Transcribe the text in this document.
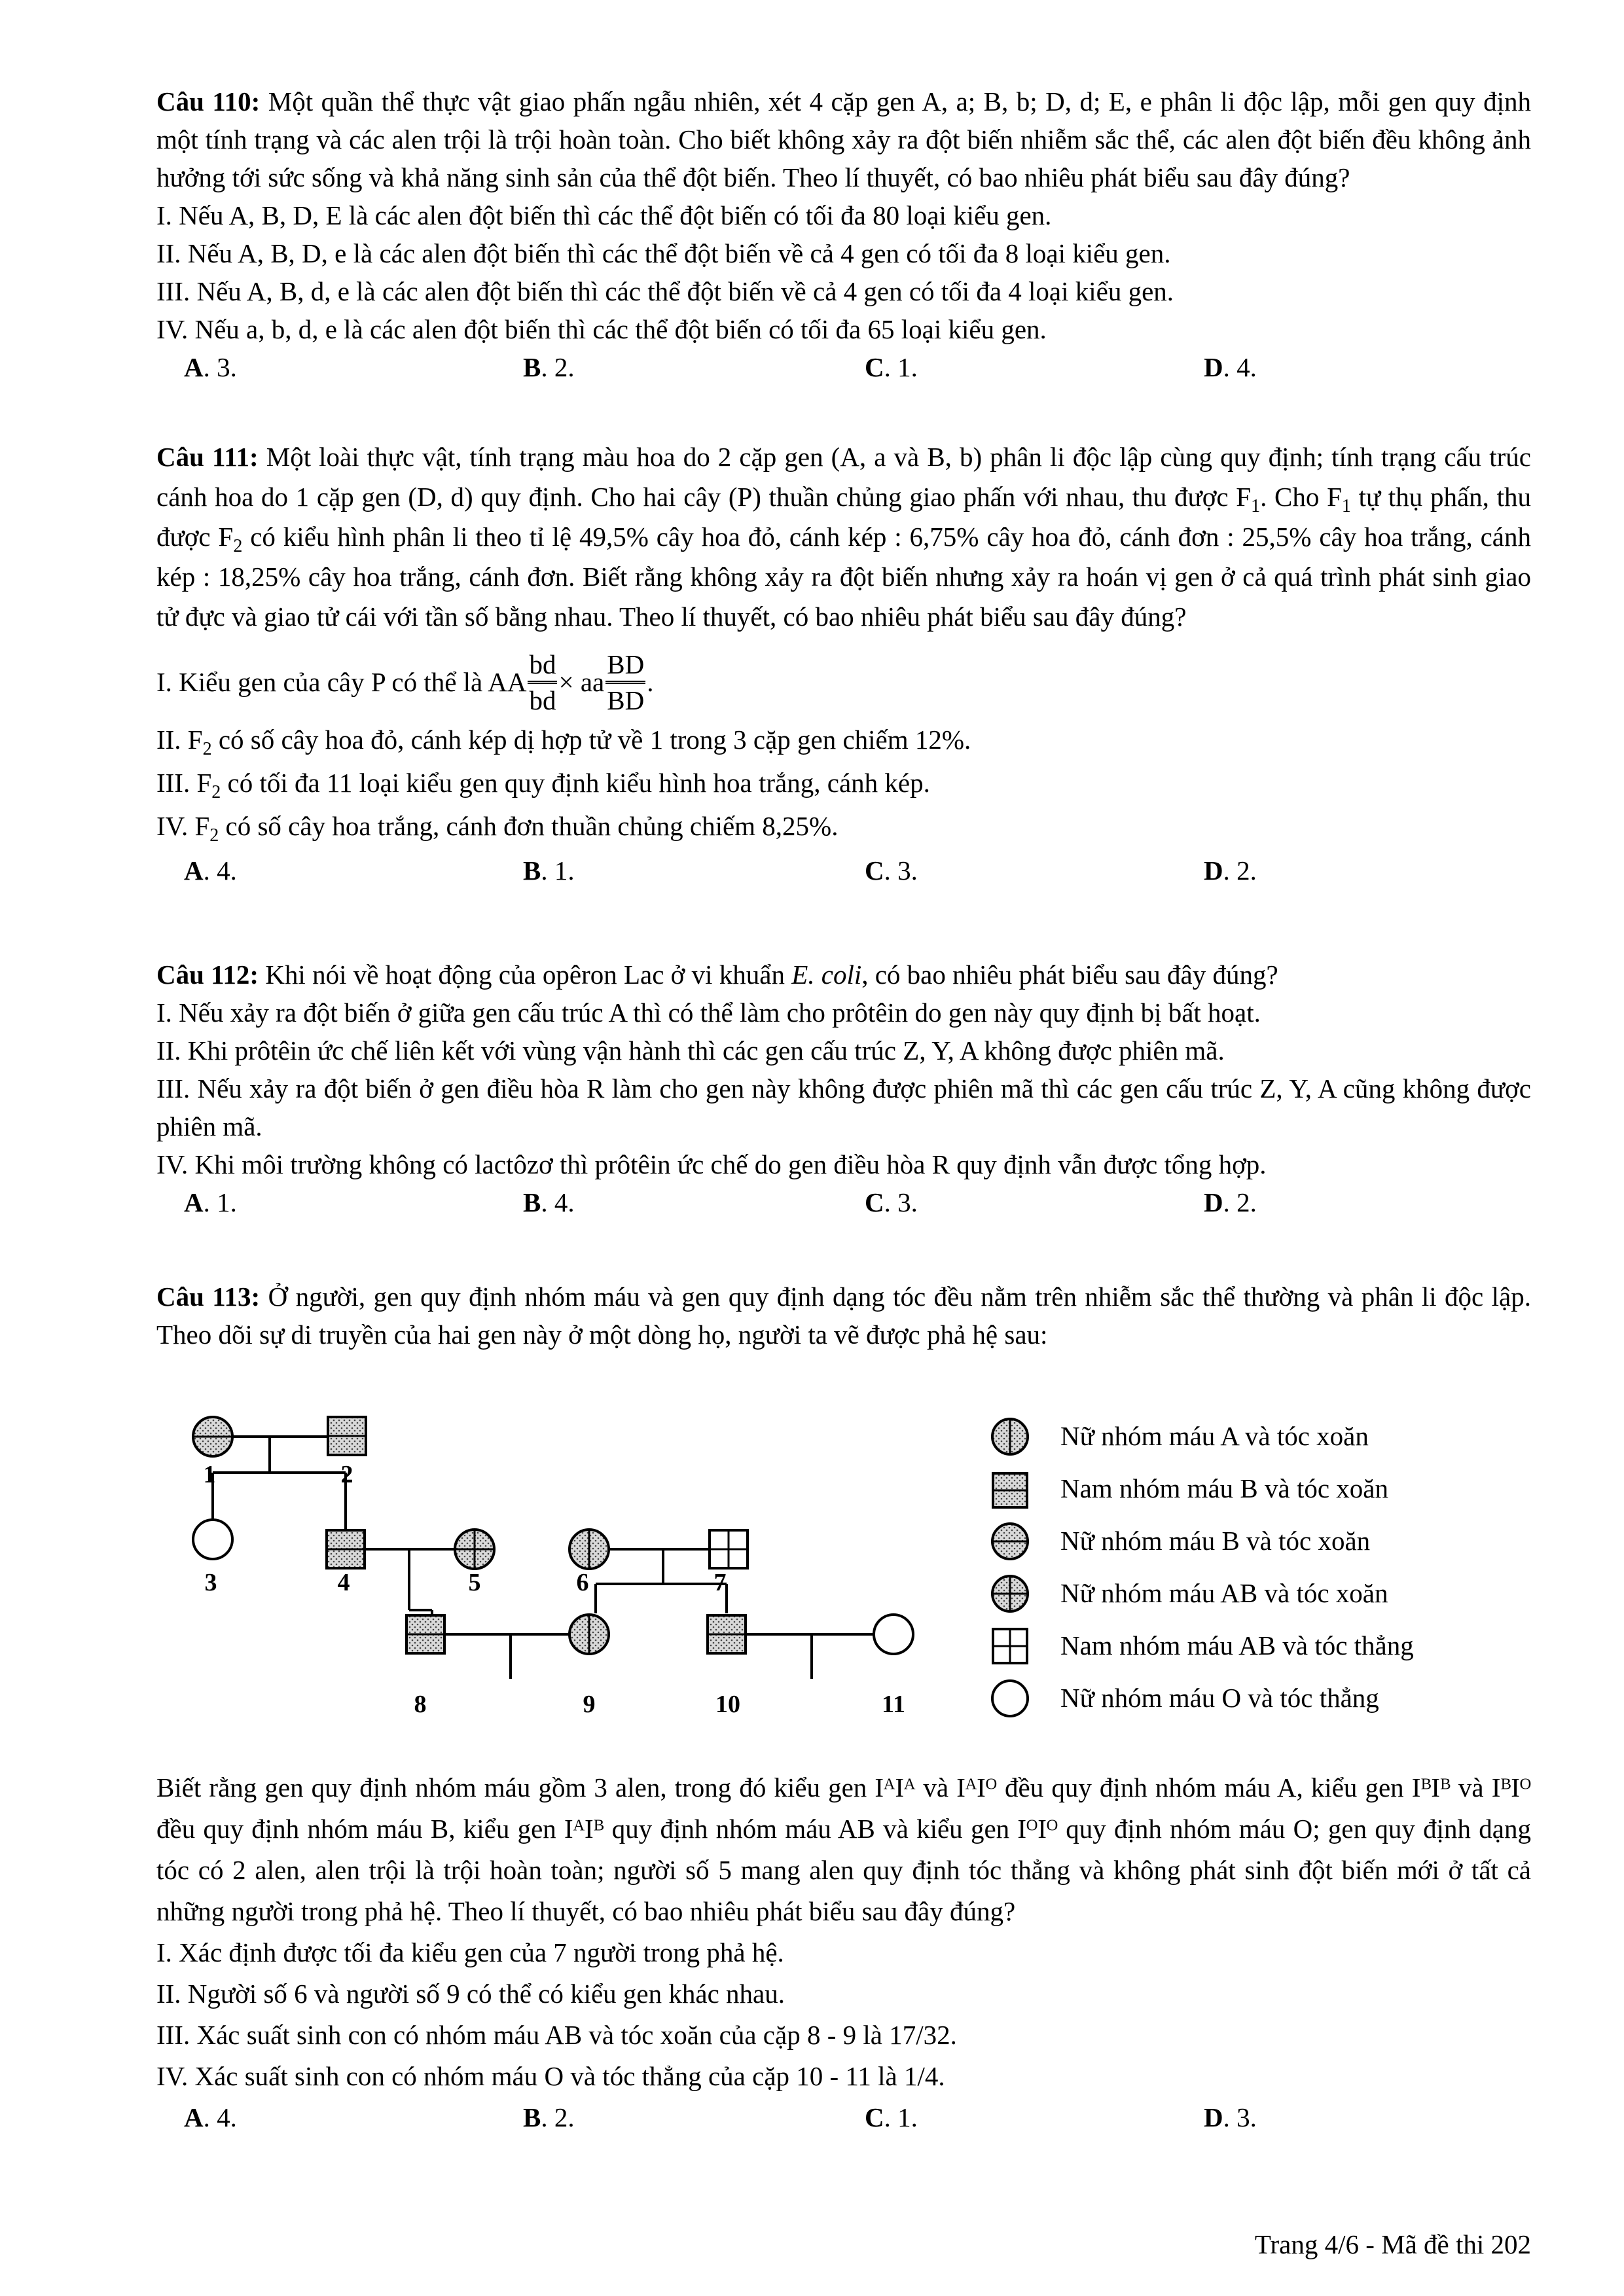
Câu 110: Một quần thể thực vật giao phấn ngẫu nhiên, xét 4 cặp gen A, a; B, b; D, d; E, e phân li độc lập, mỗi gen quy định một tính trạng và các alen trội là trội hoàn toàn. Cho biết không xảy ra đột biến nhiễm sắc thể, các alen đột biến đều không ảnh hưởng tới sức sống và khả năng sinh sản của thể đột biến. Theo lí thuyết, có bao nhiêu phát biểu sau đây đúng?
I. Nếu A, B, D, E là các alen đột biến thì các thể đột biến có tối đa 80 loại kiểu gen.
II. Nếu A, B, D, e là các alen đột biến thì các thể đột biến về cả 4 gen có tối đa 8 loại kiểu gen.
III. Nếu A, B, d, e là các alen đột biến thì các thể đột biến về cả 4 gen có tối đa 4 loại kiểu gen.
IV. Nếu a, b, d, e là các alen đột biến thì các thể đột biến có tối đa 65 loại kiểu gen.
A. 3.	B. 2.	C. 1.	D. 4.
Câu 111: Một loài thực vật, tính trạng màu hoa do 2 cặp gen (A, a và B, b) phân li độc lập cùng quy định; tính trạng cấu trúc cánh hoa do 1 cặp gen (D, d) quy định. Cho hai cây (P) thuần chủng giao phấn với nhau, thu được $F_1$. Cho $F_1$ tự thụ phấn, thu được $F_2$ có kiểu hình phân li theo tỉ lệ 49,5% cây hoa đỏ, cánh kép : 6,75% cây hoa đỏ, cánh đơn : 25,5% cây hoa trắng, cánh kép : 18,25% cây hoa trắng, cánh đơn. Biết rằng không xảy ra đột biến nhưng xảy ra hoán vị gen ở cả quá trình phát sinh giao tử đực và giao tử cái với tần số bằng nhau. Theo lí thuyết, có bao nhiêu phát biểu sau đây đúng?
I. Kiểu gen của cây P có thể là AA $\frac{bd}{bd}$ × aa $\frac{BD}{BD}$ .
II. $F_2$ có số cây hoa đỏ, cánh kép dị hợp tử về 1 trong 3 cặp gen chiếm 12%.
III. $F_2$ có tối đa 11 loại kiểu gen quy định kiểu hình hoa trắng, cánh kép.
IV. $F_2$ có số cây hoa trắng, cánh đơn thuần chủng chiếm 8,25%.
A. 4.	B. 1.	C. 3.	D. 2.
Câu 112: Khi nói về hoạt động của opêron Lac ở vi khuẩn E. coli, có bao nhiêu phát biểu sau đây đúng?
I. Nếu xảy ra đột biến ở giữa gen cấu trúc A thì có thể làm cho prôtêin do gen này quy định bị bất hoạt.
II. Khi prôtêin ức chế liên kết với vùng vận hành thì các gen cấu trúc Z, Y, A không được phiên mã.
III. Nếu xảy ra đột biến ở gen điều hòa R làm cho gen này không được phiên mã thì các gen cấu trúc Z, Y, A cũng không được phiên mã.
IV. Khi môi trường không có lactôzơ thì prôtêin ức chế do gen điều hòa R quy định vẫn được tổng hợp.
A. 1.	B. 4.	C. 3.	D. 2.
Câu 113: Ở người, gen quy định nhóm máu và gen quy định dạng tóc đều nằm trên nhiễm sắc thể thường và phân li độc lập. Theo dõi sự di truyền của hai gen này ở một dòng họ, người ta vẽ được phả hệ sau:
1	2
3	4	5	6	7
8	9	10	11
Nữ nhóm máu A và tóc xoăn
Nam nhóm máu B và tóc xoăn
Nữ nhóm máu B và tóc xoăn
Nữ nhóm máu AB và tóc xoăn
Nam nhóm máu AB và tóc thẳng
Nữ nhóm máu O và tóc thẳng
Biết rằng gen quy định nhóm máu gồm 3 alen, trong đó kiểu gen IᴬIᴬ và IᴬIᴼ đều quy định nhóm máu A, kiểu gen IᴮIᴮ và IᴮIᴼ đều quy định nhóm máu B, kiểu gen IᴬIᴮ quy định nhóm máu AB và kiểu gen IᴼIᴼ quy định nhóm máu O; gen quy định dạng tóc có 2 alen, alen trội là trội hoàn toàn; người số 5 mang alen quy định tóc thẳng và không phát sinh đột biến mới ở tất cả những người trong phả hệ. Theo lí thuyết, có bao nhiêu phát biểu sau đây đúng?
I. Xác định được tối đa kiểu gen của 7 người trong phả hệ.
II. Người số 6 và người số 9 có thể có kiểu gen khác nhau.
III. Xác suất sinh con có nhóm máu AB và tóc xoăn của cặp 8 - 9 là 17/32.
IV. Xác suất sinh con có nhóm máu O và tóc thẳng của cặp 10 - 11 là 1/4.
A. 4.	B. 2.	C. 1.	D. 3.
Trang 4/6 - Mã đề thi 202
